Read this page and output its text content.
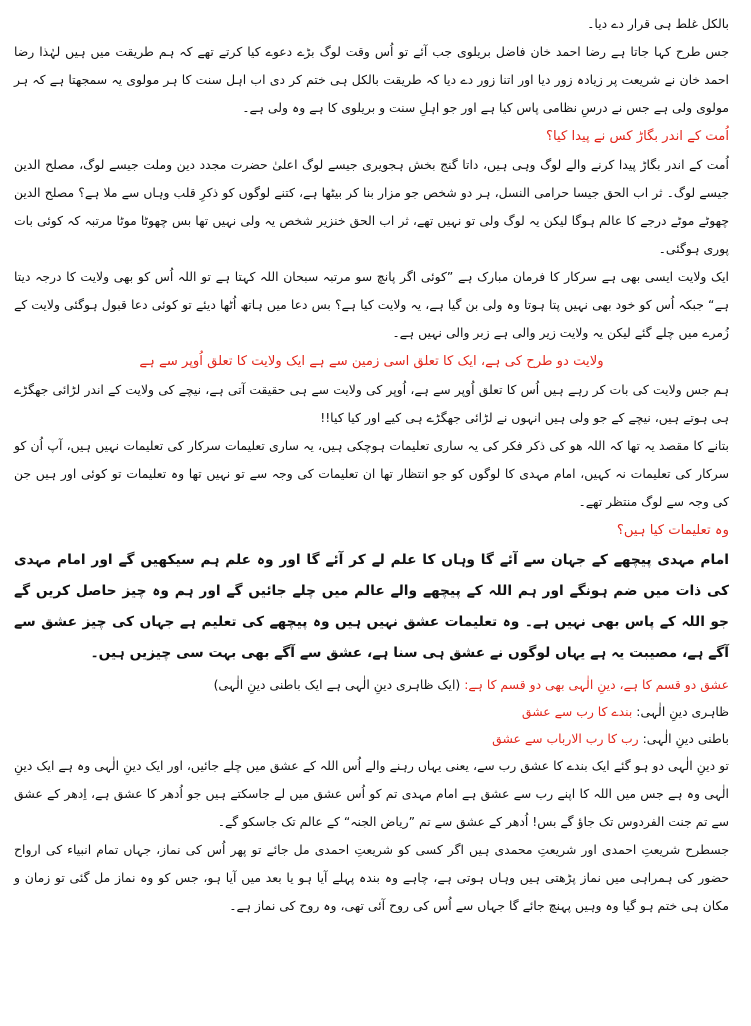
بالکل غلط ہی قرار دے دیا۔

جس طرح کہا جاتا ہے رضا احمد خان فاضل بریلوی جب آئے تو اُس وقت لوگ بڑے دعوے کیا کرتے تھے کہ ہم طریقت میں ہیں لہٰذا رضا احمد خان نے شریعت پر زیادہ زور دیا اور اتنا زور دے دیا کہ طریقت بالکل ہی ختم کر دی اب اہل سنت کا ہر مولوی یہ سمجھتا ہے کہ ہر مولوی ولی ہے جس نے درسِ نظامی پاس کیا ہے اور جو اہلِ سنت و بریلوی کا ہے وہ ولی ہے۔

اُمت کے اندر بگاڑ کس نے پیدا کیا؟

اُمت کے اندر بگاڑ پیدا کرنے والے لوگ وہی ہیں، داتا گنج بخش ہجویری جیسے لوگ اعلیٰ حضرت مجدد دین وملت جیسے لوگ، مصلح الدین جیسے لوگ۔ ثر اب الحق جیسا حرامی النسل، ہر دو شخص جو مزار بنا کر بیٹھا ہے، کتنے لوگوں کو ذکرِ قلب وہاں سے ملا ہے؟ مصلح الدین چھوٹے موٹے درجے کا عالم ہوگا لیکن یہ لوگ ولی تو نہیں تھے، ثر اب الحق خنزیر شخص یہ ولی نہیں تھا بس چھوٹا موٹا مرتبہ کہ کوئی بات پوری ہوگئی۔

ایک ولایت ایسی بھی ہے سرکار کا فرمان مبارک ہے ”کوئی اگر پانچ سو مرتبہ سبحان اللہ کہتا ہے تو اللہ اُس کو بھی ولایت کا درجہ دیتا ہے“ جبکہ اُس کو خود بھی نہیں پتا ہوتا وہ ولی بن گیا ہے، یہ ولایت کیا ہے؟ بس دعا میں ہاتھ اُٹھا دیئے تو کوئی دعا قبول ہوگئی ولایت کے زُمرے میں چلے گئے لیکن یہ ولایت زیر والی ہے زبر والی نہیں ہے۔

ولایت دو طرح کی ہے، ایک کا تعلق اسی زمین سے ہے ایک ولایت کا تعلق اُوپر سے ہے

ہم جس ولایت کی بات کر رہے ہیں اُس کا تعلق اُوپر سے ہے، اُوپر کی ولایت سے ہی حقیقت آتی ہے، نیچے کی ولایت کے اندر لڑائی جھگڑے ہی ہوتے ہیں، نیچے کے جو ولی ہیں انہوں نے لڑائی جھگڑے ہی کیے اور کیا کیا!!

بتانے کا مقصد یہ تھا کہ اللہ ھو کی ذکر فکر کی یہ ساری تعلیمات ہوچکی ہیں، یہ ساری تعلیمات سرکار کی تعلیمات نہیں ہیں، آپ اُن کو سرکار کی تعلیمات نہ کہیں، امام مہدی کا لوگوں کو جو انتظار تھا ان تعلیمات کی وجہ سے تو نہیں تھا وہ تعلیمات تو کوئی اور ہیں جن کی وجہ سے لوگ منتظر تھے۔

وہ تعلیمات کیا ہیں؟

امام مہدی پیچھے کے جہان سے آئے گا وہاں کا علم لے کر آئے گا اور وہ علم ہم سیکھیں گے اور امام مہدی کی ذات میں ضم ہونگے اور ہم اللہ کے پیچھے والے عالم میں چلے جائیں گے اور ہم وہ چیز حاصل کریں گے جو اللہ کے پاس بھی نہیں ہے۔ وہ تعلیمات عشق نہیں ہیں وہ پیچھے کی تعلیم ہے جہاں کی چیز عشق سے آگے ہے، مصیبت یہ ہے یہاں لوگوں نے عشق ہی سنا ہے، عشق سے آگے بھی بہت سی چیزیں ہیں۔

عشق دو قسم کا ہے، دینِ الٰہی بھی دو قسم کا ہے: (ایک ظاہری دینِ الٰہی ہے ایک باطنی دینِ الٰہی)

ظاہری دینِ الٰہی: بندے کا رب سے عشق

باطنی دینِ الٰہی: رب کا رب الارباب سے عشق

تو دینِ الٰہی دو ہو گئے ایک بندے کا عشق رب سے، یعنی یہاں رہنے والے اُس اللہ کے عشق میں چلے جائیں، اور ایک دینِ الٰہی وہ ہے ایک دینِ الٰہی وہ ہے جس میں اللہ کا اپنے رب سے عشق ہے امام مہدی تم کو اُس عشق میں لے جاسکتے ہیں جو اُدھر کا عشق ہے، اِدھر کے عشق سے تم جنت الفردوس تک جاؤ گے بس! اُدھر کے عشق سے تم ”ریاض الجنہ“ کے عالم تک جاسکو گے۔

جسطرح شریعتِ احمدی اور شریعتِ محمدی ہیں اگر کسی کو شریعتِ احمدی مل جائے تو پھر اُس کی نماز، جہاں تمام انبیاء کی ارواح حضور کی ہمراہی میں نماز پڑھتی ہیں وہاں ہوتی ہے، چاہے وہ بندہ پہلے آیا ہو یا بعد میں آیا ہو، جس کو وہ نماز مل گئی تو زمان و مکان ہی ختم ہو گیا وہ وہیں پہنچ جائے گا جہاں سے اُس کی روح آئی تھی، وہ روح کی نماز ہے۔
